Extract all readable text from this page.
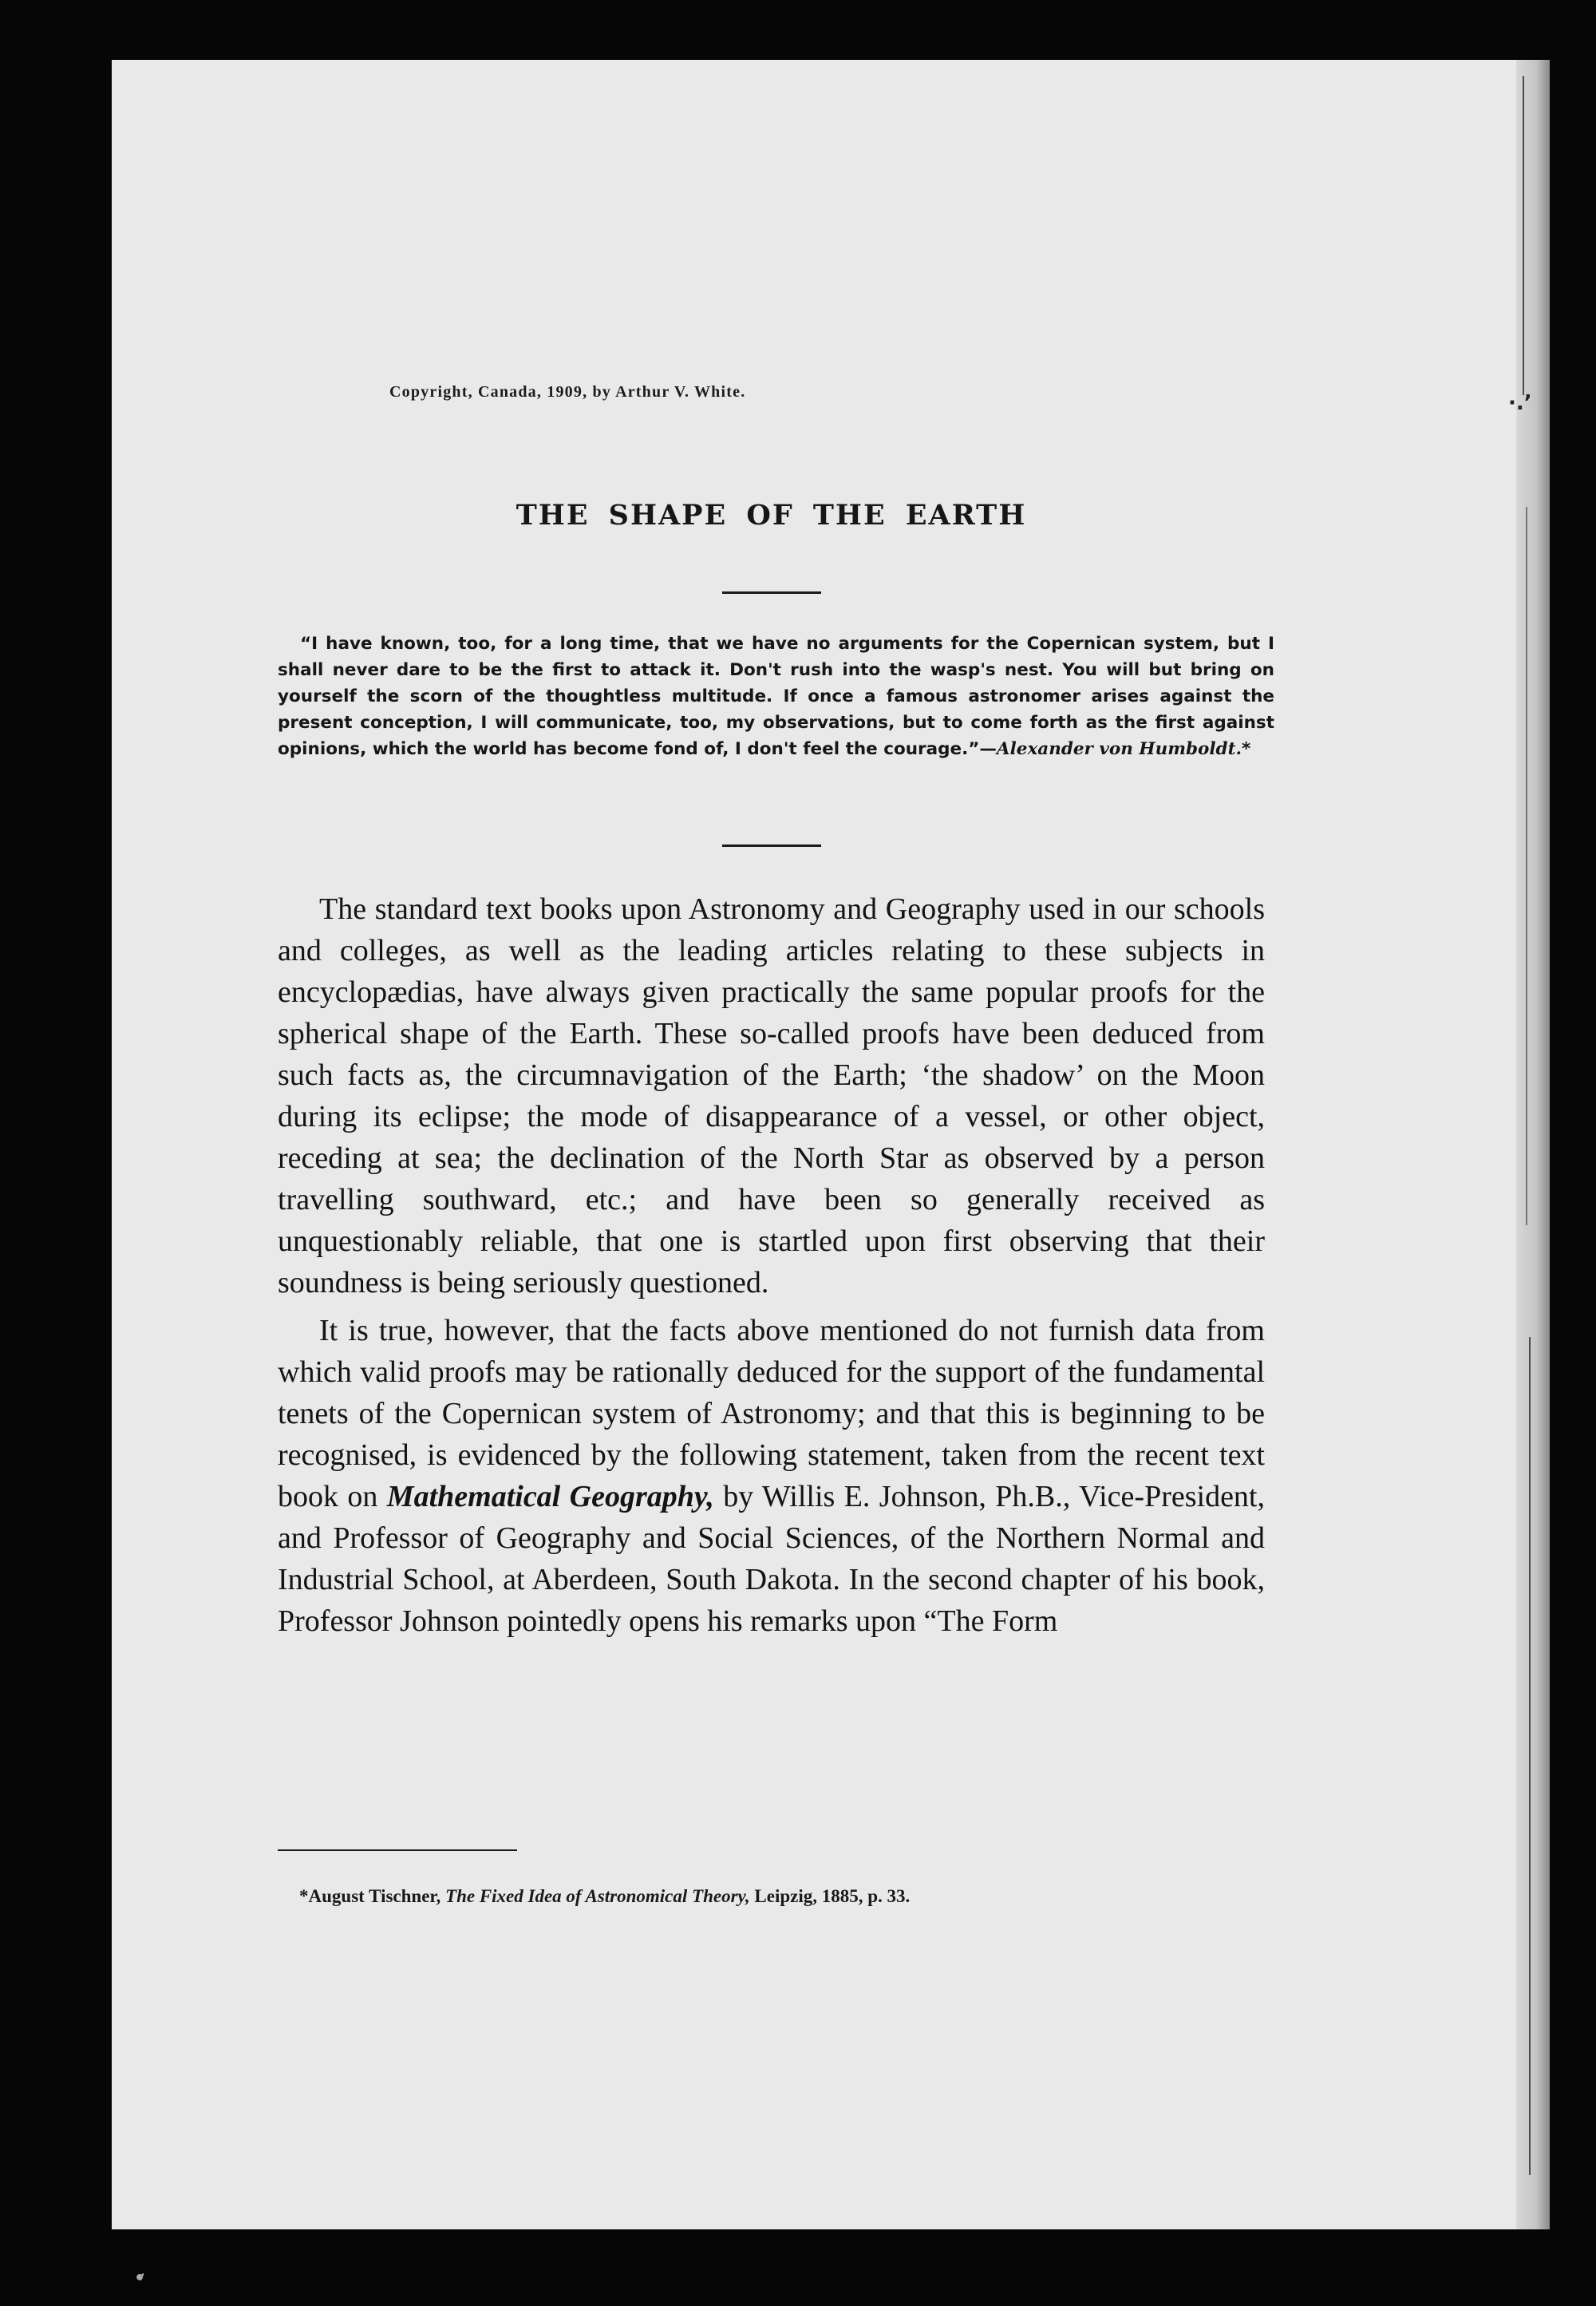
Copyright, Canada, 1909, by Arthur V. White.	·.’
•̒
THE SHAPE OF THE EARTH

“I have known, too, for a long time, that we have no arguments for the Copernican system, but I shall never dare to be the first to attack it. Don't rush into the wasp's nest. You will but bring on yourself the scorn of the thoughtless multitude. If once a famous astronomer arises against the present conception, I will communicate, too, my observations, but to come forth as the first against opinions, which the world has become fond of, I don't feel the courage.”—Alexander von Humboldt.*

The standard text books upon Astronomy and Geography used in our schools and colleges, as well as the leading articles relating to these subjects in encyclopædias, have always given practically the same popular proofs for the spherical shape of the Earth. These so-called proofs have been deduced from such facts as, the circumnavigation of the Earth; ‘the shadow’ on the Moon during its eclipse; the mode of disappearance of a vessel, or other object, receding at sea; the declination of the North Star as observed by a person travelling southward, etc.; and have been so generally received as unquestionably reliable, that one is startled upon first observing that their soundness is being seriously questioned.

It is true, however, that the facts above mentioned do not furnish data from which valid proofs may be rationally deduced for the support of the fundamental tenets of the Copernican system of Astronomy; and that this is beginning to be recognised, is evidenced by the following statement, taken from the recent text book on Mathematical Geography, by Willis E. Johnson, Ph.B., Vice-President, and Professor of Geography and Social Sciences, of the Northern Normal and Industrial School, at Aberdeen, South Dakota. In the second chapter of his book, Professor Johnson pointedly opens his remarks upon “The Form

*August Tischner, The Fixed Idea of Astronomical Theory, Leipzig, 1885, p. 33.
